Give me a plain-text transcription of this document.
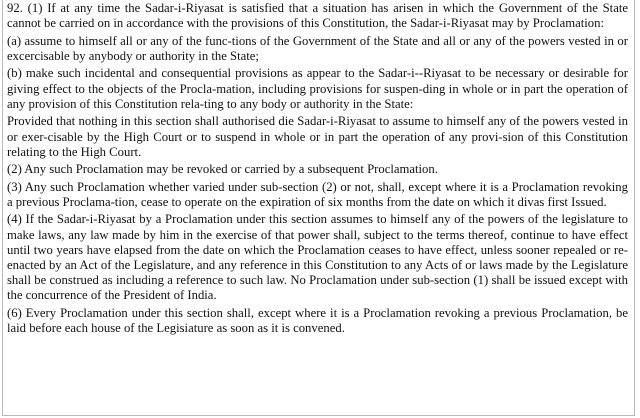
92. (1) If at any time the Sadar-i-Riyasat is satisfied that a situation has arisen in which the Government of the State cannot be carried on in accordance with the provisions of this Constitution, the Sadar-i-Riyasat may by Proclamation:

(a) assume to himself all or any of the func-tions of the Government of the State and all or any of the powers vested in or excercisable by anybody or authority in the State;

(b) make such incidental and consequential provisions as appear to the Sadar-i--Riyasat to be necessary or desirable for giving effect to the objects of the Procla-mation, including provisions for suspen-ding in whole or in part the operation of any provision of this Constitution rela-ting to any body or authority in the State:

Provided that nothing in this section shall authorised die Sadar-i-Riyasat to assume to himself any of the powers vested in or exer-cisable by the High Court or to suspend in whole or in part the operation of any provi-sion of this Constitution relating to the High Court.

(2) Any such Proclamation may be revoked or carried by a subsequent Proclamation.

(3) Any such Proclamation whether varied under sub-section (2) or not, shall, except where it is a Proclamation revoking a previous Proclama-tion, cease to operate on the expiration of six months from the date on which it divas first Issued.

(4) If the Sadar-i-Riyasat by a Proclamation under this section assumes to himself any of the powers of the legislature to make laws, any law made by him in the exercise of that power shall, subject to the terms thereof, continue to have effect until two years have elapsed from the date on which the Proclamation ceases to have effect, unless sooner repealed or re-enacted by an Act of the Legislature, and any reference in this Constitution to any Acts of or laws made by the Legislature shall be construed as including a reference to such law. No Proclamation under sub-section (1) shall be issued except with the concurrence of the President of India.

(6) Every Proclamation under this section shall, except where it is a Proclamation revoking a previous Proclamation, be laid before each house of the Legisiature as soon as it is convened.
